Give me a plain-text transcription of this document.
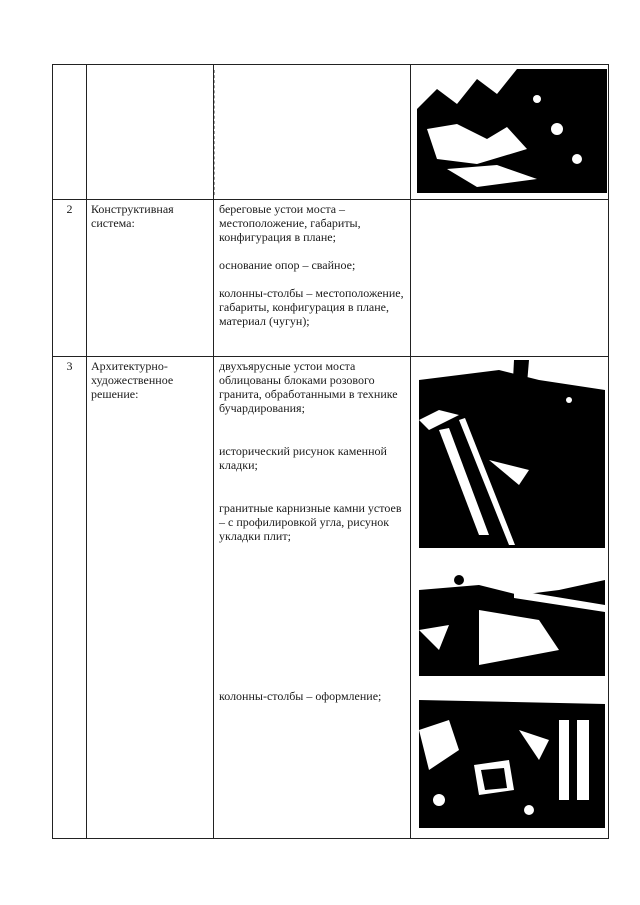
2	Конструктивная система:	береговые устои моста – местоположение, габариты, конфигурация в плане;

основание опор – свайное;

колонны-столбы – местоположение, габариты, конфигурация в плане, материал (чугун);	

3	Архитектурно-художественное решение:	двухъярусные устои моста облицованы блоками розового гранита, обработанными в технике бучардирования;

исторический рисунок каменной кладки;

гранитные карнизные камни устоев – с профилировкой угла, рисунок укладки плит;

колонны-столбы – оформление;
